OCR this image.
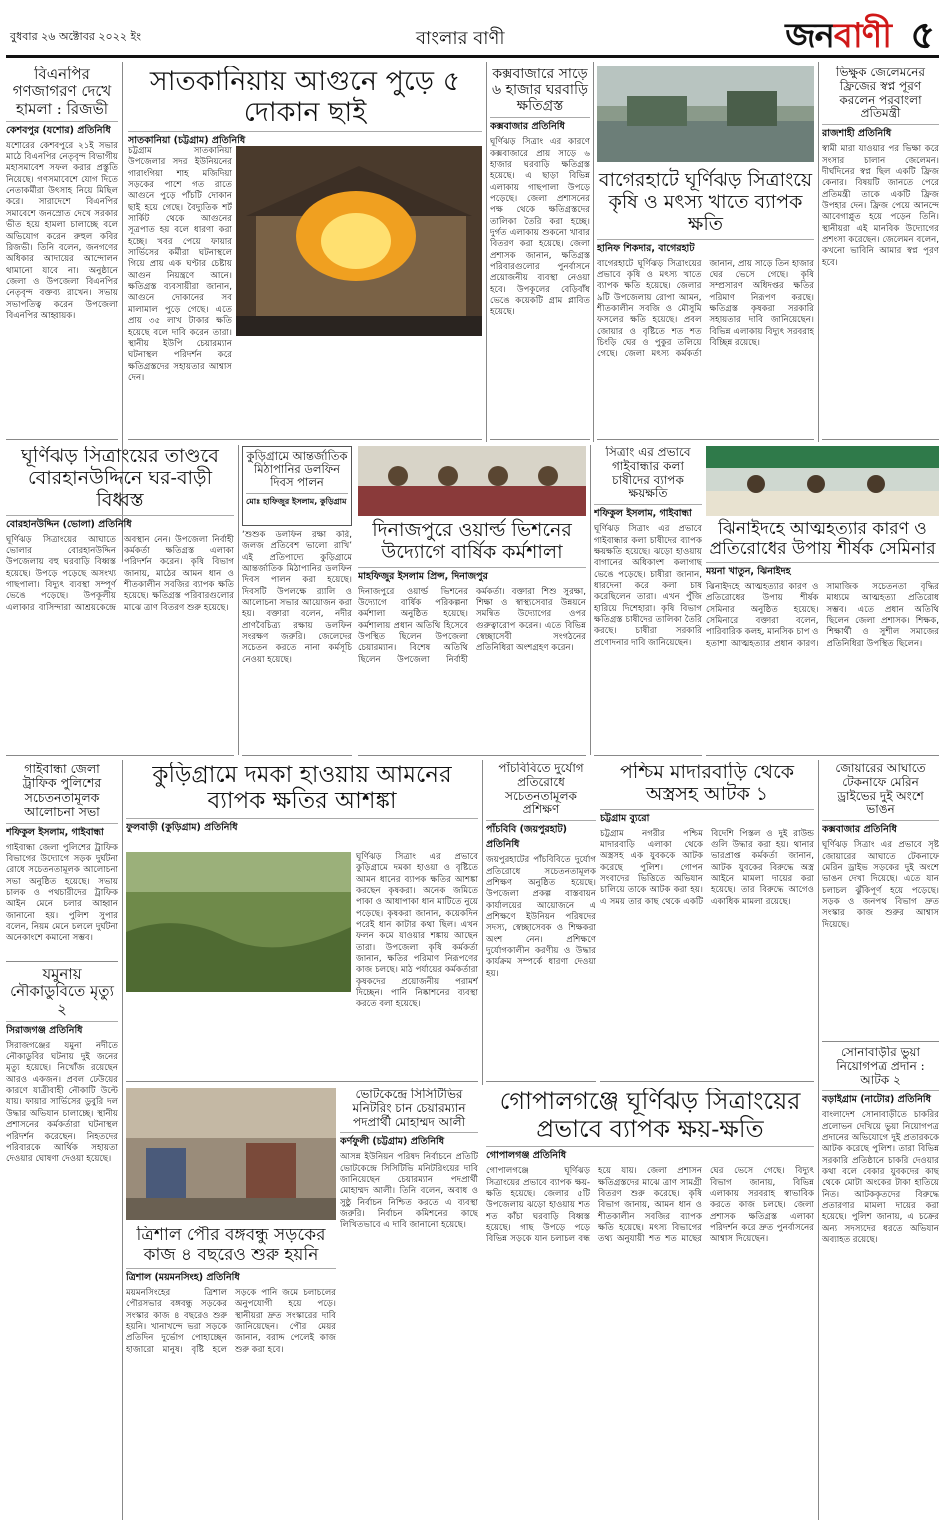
বুধবার ২৬ অক্টোবর ২০২২ ইং	বাংলার বাণী	জনবাণী ৫
বিএনপির গণজাগরণ দেখে হামলা : রিজভী
কেশবপুর (যশোর) প্রতিনিধি
যশোরের কেশবপুরে ২১ই সভার মাঠে বিএনপির নেতৃবৃন্দ বিভাগীয় মহাসমাবেশ সফল করার প্রস্তুতি নিয়েছে। গণসমাবেশে যোগ দিতে নেতাকর্মীরা উৎসাহ নিয়ে মিছিল করে। সারাদেশে বিএনপির সমাবেশে জনস্রোত দেখে সরকার ভীত হয়ে হামলা চালাচ্ছে বলে অভিযোগ করেন রুহুল কবির রিজভী। তিনি বলেন, জনগণের অধিকার আদায়ের আন্দোলন থামানো যাবে না। অনুষ্ঠানে জেলা ও উপজেলা বিএনপির নেতৃবৃন্দ বক্তব্য রাখেন। সভায় সভাপতিত্ব করেন উপজেলা বিএনপির আহ্বায়ক।
সাতকানিয়ায় আগুনে পুড়ে ৫ দোকান ছাই
সাতকানিয়া (চট্টগ্রাম) প্রতিনিধি
চট্টগ্রাম সাতকানিয়া উপজেলার সদর ইউনিয়নের গারাংগিয়া শাহ মজিদিয়া সড়কের পাশে গত রাতে আগুনে পুড়ে পাঁচটি দোকান ছাই হয়ে গেছে। বৈদ্যুতিক শর্ট সার্কিট থেকে আগুনের সূত্রপাত হয় বলে ধারণা করা হচ্ছে। খবর পেয়ে ফায়ার সার্ভিসের কর্মীরা ঘটনাস্থলে গিয়ে প্রায় এক ঘণ্টার চেষ্টায় আগুন নিয়ন্ত্রণে আনে। ক্ষতিগ্রস্ত ব্যবসায়ীরা জানান, আগুনে দোকানের সব মালামাল পুড়ে গেছে। এতে প্রায় ৩৫ লাখ টাকার ক্ষতি হয়েছে বলে দাবি করেন তারা। স্থানীয় ইউপি চেয়ারম্যান ঘটনাস্থল পরিদর্শন করে ক্ষতিগ্রস্তদের সহায়তার আশ্বাস দেন।
কক্সবাজারে সাড়ে ৬ হাজার ঘরবাড়ি ক্ষতিগ্রস্ত
কক্সবাজার প্রতিনিধি
ঘূর্ণিঝড় সিত্রাং এর কারণে কক্সবাজারে প্রায় সাড়ে ৬ হাজার ঘরবাড়ি ক্ষতিগ্রস্ত হয়েছে। এ ছাড়া বিভিন্ন এলাকায় গাছপালা উপড়ে পড়েছে। জেলা প্রশাসনের পক্ষ থেকে ক্ষতিগ্রস্তদের তালিকা তৈরি করা হচ্ছে। দুর্গত এলাকায় শুকনো খাবার বিতরণ করা হয়েছে। জেলা প্রশাসক জানান, ক্ষতিগ্রস্ত পরিবারগুলোর পুনর্বাসনে প্রয়োজনীয় ব্যবস্থা নেওয়া হবে। উপকূলের বেড়িবাঁধ ভেঙে কয়েকটি গ্রাম প্লাবিত হয়েছে।
বাগেরহাটে ঘূর্ণিঝড় সিত্রাংয়ে কৃষি ও মৎস্য খাতে ব্যাপক ক্ষতি
হানিফ শিকদার, বাগেরহাট
বাগেরহাটে ঘূর্ণিঝড় সিত্রাংয়ের প্রভাবে কৃষি ও মৎস্য খাতে ব্যাপক ক্ষতি হয়েছে। জেলার ৯টি উপজেলায় রোপা আমন, শীতকালীন সবজি ও মৌসুমি ফসলের ক্ষতি হয়েছে। প্রবল জোয়ার ও বৃষ্টিতে শত শত চিংড়ি ঘের ও পুকুর তলিয়ে গেছে। জেলা মৎস্য কর্মকর্তা জানান, প্রায় সাড়ে তিন হাজার ঘের ভেসে গেছে। কৃষি সম্প্রসারণ অধিদপ্তর ক্ষতির পরিমাণ নিরূপণ করছে। ক্ষতিগ্রস্ত কৃষকরা সরকারি সহায়তার দাবি জানিয়েছেন। বিভিন্ন এলাকায় বিদ্যুৎ সরবরাহ বিচ্ছিন্ন রয়েছে।
ভিক্ষুক জেলেমনের ফ্রিজের স্বপ্ন পূরণ করলেন পরবাংলা প্রতিমন্ত্রী
রাজশাহী প্রতিনিধি
স্বামী মারা যাওয়ার পর ভিক্ষা করে সংসার চালান জেলেমন। দীর্ঘদিনের স্বপ্ন ছিল একটি ফ্রিজ কেনার। বিষয়টি জানতে পেরে প্রতিমন্ত্রী তাকে একটি ফ্রিজ উপহার দেন। ফ্রিজ পেয়ে আনন্দে আবেগাপ্লুত হয়ে পড়েন তিনি। স্থানীয়রা এই মানবিক উদ্যোগের প্রশংসা করেছেন। জেলেমন বলেন, কখনো ভাবিনি আমার স্বপ্ন পূরণ হবে।
ঘূর্ণিঝড় সিত্রাংয়ের তাণ্ডবে বোরহানউদ্দিনে ঘর-বাড়ী বিধ্বস্ত
বোরহানউদ্দিন (ভোলা) প্রতিনিধি
ঘূর্ণিঝড় সিত্রাংয়ের আঘাতে ভোলার বোরহানউদ্দিন উপজেলায় বহু ঘরবাড়ি বিধ্বস্ত হয়েছে। উপড়ে পড়েছে অসংখ্য গাছপালা। বিদ্যুৎ ব্যবস্থা সম্পূর্ণ ভেঙে পড়েছে। উপকূলীয় এলাকার বাসিন্দারা আশ্রয়কেন্দ্রে অবস্থান নেন। উপজেলা নির্বাহী কর্মকর্তা ক্ষতিগ্রস্ত এলাকা পরিদর্শন করেন। কৃষি বিভাগ জানায়, মাঠের আমন ধান ও শীতকালীন সবজির ব্যাপক ক্ষতি হয়েছে। ক্ষতিগ্রস্ত পরিবারগুলোর মাঝে ত্রাণ বিতরণ শুরু হয়েছে।
কুড়িগ্রামে আন্তর্জাতিক মিঠাপানির ডলফিন দিবস পালন
মোঃ হাফিজুর ইসলাম, কুড়িগ্রাম
‘শুশুক ডলফিন রক্ষা করি, জলজ প্রতিবেশ ভালো রাখি’ এই প্রতিপাদ্যে কুড়িগ্রামে আন্তর্জাতিক মিঠাপানির ডলফিন দিবস পালন করা হয়েছে। দিবসটি উপলক্ষে র‍্যালি ও আলোচনা সভার আয়োজন করা হয়। বক্তারা বলেন, নদীর প্রাণবৈচিত্র্য রক্ষায় ডলফিন সংরক্ষণ জরুরি। জেলেদের সচেতন করতে নানা কর্মসূচি নেওয়া হয়েছে।
দিনাজপুরে ওয়ার্ল্ড ভিশনের উদ্যোগে বার্ষিক কর্মশালা
মাহফিজুর ইসলাম প্রিন্স, দিনাজপুর
দিনাজপুরে ওয়ার্ল্ড ভিশনের উদ্যোগে বার্ষিক পরিকল্পনা কর্মশালা অনুষ্ঠিত হয়েছে। কর্মশালায় প্রধান অতিথি হিসেবে উপস্থিত ছিলেন উপজেলা চেয়ারম্যান। বিশেষ অতিথি ছিলেন উপজেলা নির্বাহী কর্মকর্তা। বক্তারা শিশু সুরক্ষা, শিক্ষা ও স্বাস্থ্যসেবার উন্নয়নে সমন্বিত উদ্যোগের ওপর গুরুত্বারোপ করেন। এতে বিভিন্ন স্বেচ্ছাসেবী সংগঠনের প্রতিনিধিরা অংশগ্রহণ করেন।
সিত্রাং এর প্রভাবে গাইবান্ধার কলা চাষীদের ব্যাপক ক্ষয়ক্ষতি
শফিকুল ইসলাম, গাইবান্ধা
ঘূর্ণিঝড় সিত্রাং এর প্রভাবে গাইবান্ধার কলা চাষীদের ব্যাপক ক্ষয়ক্ষতি হয়েছে। ঝড়ো হাওয়ায় বাগানের অধিকাংশ কলাগাছ ভেঙে পড়েছে। চাষীরা জানান, ধারদেনা করে কলা চাষ করেছিলেন তারা। এখন পুঁজি হারিয়ে দিশেহারা। কৃষি বিভাগ ক্ষতিগ্রস্ত চাষীদের তালিকা তৈরি করছে। চাষীরা সরকারি প্রণোদনার দাবি জানিয়েছেন।
ঝিনাইদহে আত্মহত্যার কারণ ও প্রতিরোধের উপায় শীর্ষক সেমিনার
ময়না খাতুন, ঝিনাইদহ
ঝিনাইদহে আত্মহত্যার কারণ ও প্রতিরোধের উপায় শীর্ষক সেমিনার অনুষ্ঠিত হয়েছে। সেমিনারে বক্তারা বলেন, পারিবারিক কলহ, মানসিক চাপ ও হতাশা আত্মহত্যার প্রধান কারণ। সামাজিক সচেতনতা বৃদ্ধির মাধ্যমে আত্মহত্যা প্রতিরোধ সম্ভব। এতে প্রধান অতিথি ছিলেন জেলা প্রশাসক। শিক্ষক, শিক্ষার্থী ও সুশীল সমাজের প্রতিনিধিরা উপস্থিত ছিলেন।
গাইবান্ধা জেলা ট্রাফিক পুলিশের সচেতনতামূলক আলোচনা সভা
শফিকুল ইসলাম, গাইবান্ধা
গাইবান্ধা জেলা পুলিশের ট্রাফিক বিভাগের উদ্যোগে সড়ক দুর্ঘটনা রোধে সচেতনতামূলক আলোচনা সভা অনুষ্ঠিত হয়েছে। সভায় চালক ও পথচারীদের ট্রাফিক আইন মেনে চলার আহ্বান জানানো হয়। পুলিশ সুপার বলেন, নিয়ম মেনে চললে দুর্ঘটনা অনেকাংশে কমানো সম্ভব।
যমুনায় নৌকাডুবিতে মৃত্যু ২
সিরাজগঞ্জ প্রতিনিধি
সিরাজগঞ্জের যমুনা নদীতে নৌকাডুবির ঘটনায় দুই জনের মৃত্যু হয়েছে। নিখোঁজ রয়েছেন আরও একজন। প্রবল ঢেউয়ের কারণে যাত্রীবাহী নৌকাটি উল্টে যায়। ফায়ার সার্ভিসের ডুবুরি দল উদ্ধার অভিযান চালাচ্ছে। স্থানীয় প্রশাসনের কর্মকর্তারা ঘটনাস্থল পরিদর্শন করেছেন। নিহতদের পরিবারকে আর্থিক সহায়তা দেওয়ার ঘোষণা দেওয়া হয়েছে।
কুড়িগ্রামে দমকা হাওয়ায় আমনের ব্যাপক ক্ষতির আশঙ্কা
ফুলবাড়ী (কুড়িগ্রাম) প্রতিনিধি
ঘূর্ণিঝড় সিত্রাং এর প্রভাবে কুড়িগ্রামে দমকা হাওয়া ও বৃষ্টিতে আমন ধানের ব্যাপক ক্ষতির আশঙ্কা করছেন কৃষকরা। অনেক জমিতে পাকা ও আধাপাকা ধান মাটিতে নুয়ে পড়েছে। কৃষকরা জানান, কয়েকদিন পরেই ধান কাটার কথা ছিল। এখন ফলন কমে যাওয়ার শঙ্কায় আছেন তারা। উপজেলা কৃষি কর্মকর্তা জানান, ক্ষতির পরিমাণ নিরূপণের কাজ চলছে। মাঠ পর্যায়ের কর্মকর্তারা কৃষকদের প্রয়োজনীয় পরামর্শ দিচ্ছেন। পানি নিষ্কাশনের ব্যবস্থা করতে বলা হয়েছে।
পাঁচবিবিতে দুর্যোগ প্রতিরোধে সচেতনতামূলক প্রশিক্ষণ
পাঁচবিবি (জয়পুরহাট) প্রতিনিধি
জয়পুরহাটের পাঁচবিবিতে দুর্যোগ প্রতিরোধে সচেতনতামূলক প্রশিক্ষণ অনুষ্ঠিত হয়েছে। উপজেলা প্রকল্প বাস্তবায়ন কার্যালয়ের আয়োজনে এ প্রশিক্ষণে ইউনিয়ন পরিষদের সদস্য, স্বেচ্ছাসেবক ও শিক্ষকরা অংশ নেন। প্রশিক্ষণে দুর্যোগকালীন করণীয় ও উদ্ধার কার্যক্রম সম্পর্কে ধারণা দেওয়া হয়।
পশ্চিম মাদারবাড়ি থেকে অস্ত্রসহ আটক ১
চট্টগ্রাম ব্যুরো
চট্টগ্রাম নগরীর পশ্চিম মাদারবাড়ি এলাকা থেকে অস্ত্রসহ এক যুবককে আটক করেছে পুলিশ। গোপন সংবাদের ভিত্তিতে অভিযান চালিয়ে তাকে আটক করা হয়। এ সময় তার কাছ থেকে একটি বিদেশি পিস্তল ও দুই রাউন্ড গুলি উদ্ধার করা হয়। থানার ভারপ্রাপ্ত কর্মকর্তা জানান, আটক যুবকের বিরুদ্ধে অস্ত্র আইনে মামলা দায়ের করা হয়েছে। তার বিরুদ্ধে আগেও একাধিক মামলা রয়েছে।
জোয়ারের আঘাতে টেকনাফে মেরিন ড্রাইভের দুই অংশে ভাঙন
কক্সবাজার প্রতিনিধি
ঘূর্ণিঝড় সিত্রাং এর প্রভাবে সৃষ্ট জোয়ারের আঘাতে টেকনাফে মেরিন ড্রাইভ সড়কের দুই অংশে ভাঙন দেখা দিয়েছে। এতে যান চলাচল ঝুঁকিপূর্ণ হয়ে পড়েছে। সড়ক ও জনপথ বিভাগ দ্রুত সংস্কার কাজ শুরুর আশ্বাস দিয়েছে।
সোনাবাড়ীর ভুয়া নিয়োগপত্র প্রদান : আটক ২
বড়াইগ্রাম (নাটোর) প্রতিনিধি
বাংলাদেশ সোনাবাড়ীতে চাকরির প্রলোভন দেখিয়ে ভুয়া নিয়োগপত্র প্রদানের অভিযোগে দুই প্রতারককে আটক করেছে পুলিশ। তারা বিভিন্ন সরকারি প্রতিষ্ঠানে চাকরি দেওয়ার কথা বলে বেকার যুবকদের কাছ থেকে মোটা অংকের টাকা হাতিয়ে নিত। আটককৃতদের বিরুদ্ধে প্রতারণার মামলা দায়ের করা হয়েছে। পুলিশ জানায়, এ চক্রের অন্য সদস্যদের ধরতে অভিযান অব্যাহত রয়েছে।
ভোটকেন্দ্রে সিসিটিভির মনিটরিং চান চেয়ারম্যান পদপ্রার্থী মোহাম্মদ আলী
কর্ণফুলী (চট্টগ্রাম) প্রতিনিধি
আসন্ন ইউনিয়ন পরিষদ নির্বাচনে প্রতিটি ভোটকেন্দ্রে সিসিটিভি মনিটরিংয়ের দাবি জানিয়েছেন চেয়ারম্যান পদপ্রার্থী মোহাম্মদ আলী। তিনি বলেন, অবাধ ও সুষ্ঠু নির্বাচন নিশ্চিত করতে এ ব্যবস্থা জরুরি। নির্বাচন কমিশনের কাছে লিখিতভাবে এ দাবি জানানো হয়েছে।
ত্রিশাল পৌর বঙ্গবন্ধু সড়কের কাজ ৪ বছরেও শুরু হয়নি
ত্রিশাল (ময়মনসিংহ) প্রতিনিধি
ময়মনসিংহের ত্রিশাল পৌরসভার বঙ্গবন্ধু সড়কের সংস্কার কাজ ৪ বছরেও শুরু হয়নি। খানাখন্দে ভরা সড়কে প্রতিদিন দুর্ভোগ পোহাচ্ছেন হাজারো মানুষ। বৃষ্টি হলে সড়কে পানি জমে চলাচলের অনুপযোগী হয়ে পড়ে। স্থানীয়রা দ্রুত সংস্কারের দাবি জানিয়েছেন। পৌর মেয়র জানান, বরাদ্দ পেলেই কাজ শুরু করা হবে।
গোপালগঞ্জে ঘূর্ণিঝড় সিত্রাংয়ের প্রভাবে ব্যাপক ক্ষয়-ক্ষতি
গোপালগঞ্জ প্রতিনিধি
গোপালগঞ্জে ঘূর্ণিঝড় সিত্রাংয়ের প্রভাবে ব্যাপক ক্ষয়-ক্ষতি হয়েছে। জেলার ৫টি উপজেলায় ঝড়ো হাওয়ায় শত শত কাঁচা ঘরবাড়ি বিধ্বস্ত হয়েছে। গাছ উপড়ে পড়ে বিভিন্ন সড়কে যান চলাচল বন্ধ হয়ে যায়। জেলা প্রশাসন ক্ষতিগ্রস্তদের মাঝে ত্রাণ সামগ্রী বিতরণ শুরু করেছে। কৃষি বিভাগ জানায়, আমন ধান ও শীতকালীন সবজির ব্যাপক ক্ষতি হয়েছে। মৎস্য বিভাগের তথ্য অনুযায়ী শত শত মাছের ঘের ভেসে গেছে। বিদ্যুৎ বিভাগ জানায়, বিভিন্ন এলাকায় সরবরাহ স্বাভাবিক করতে কাজ চলছে। জেলা প্রশাসক ক্ষতিগ্রস্ত এলাকা পরিদর্শন করে দ্রুত পুনর্বাসনের আশ্বাস দিয়েছেন।
